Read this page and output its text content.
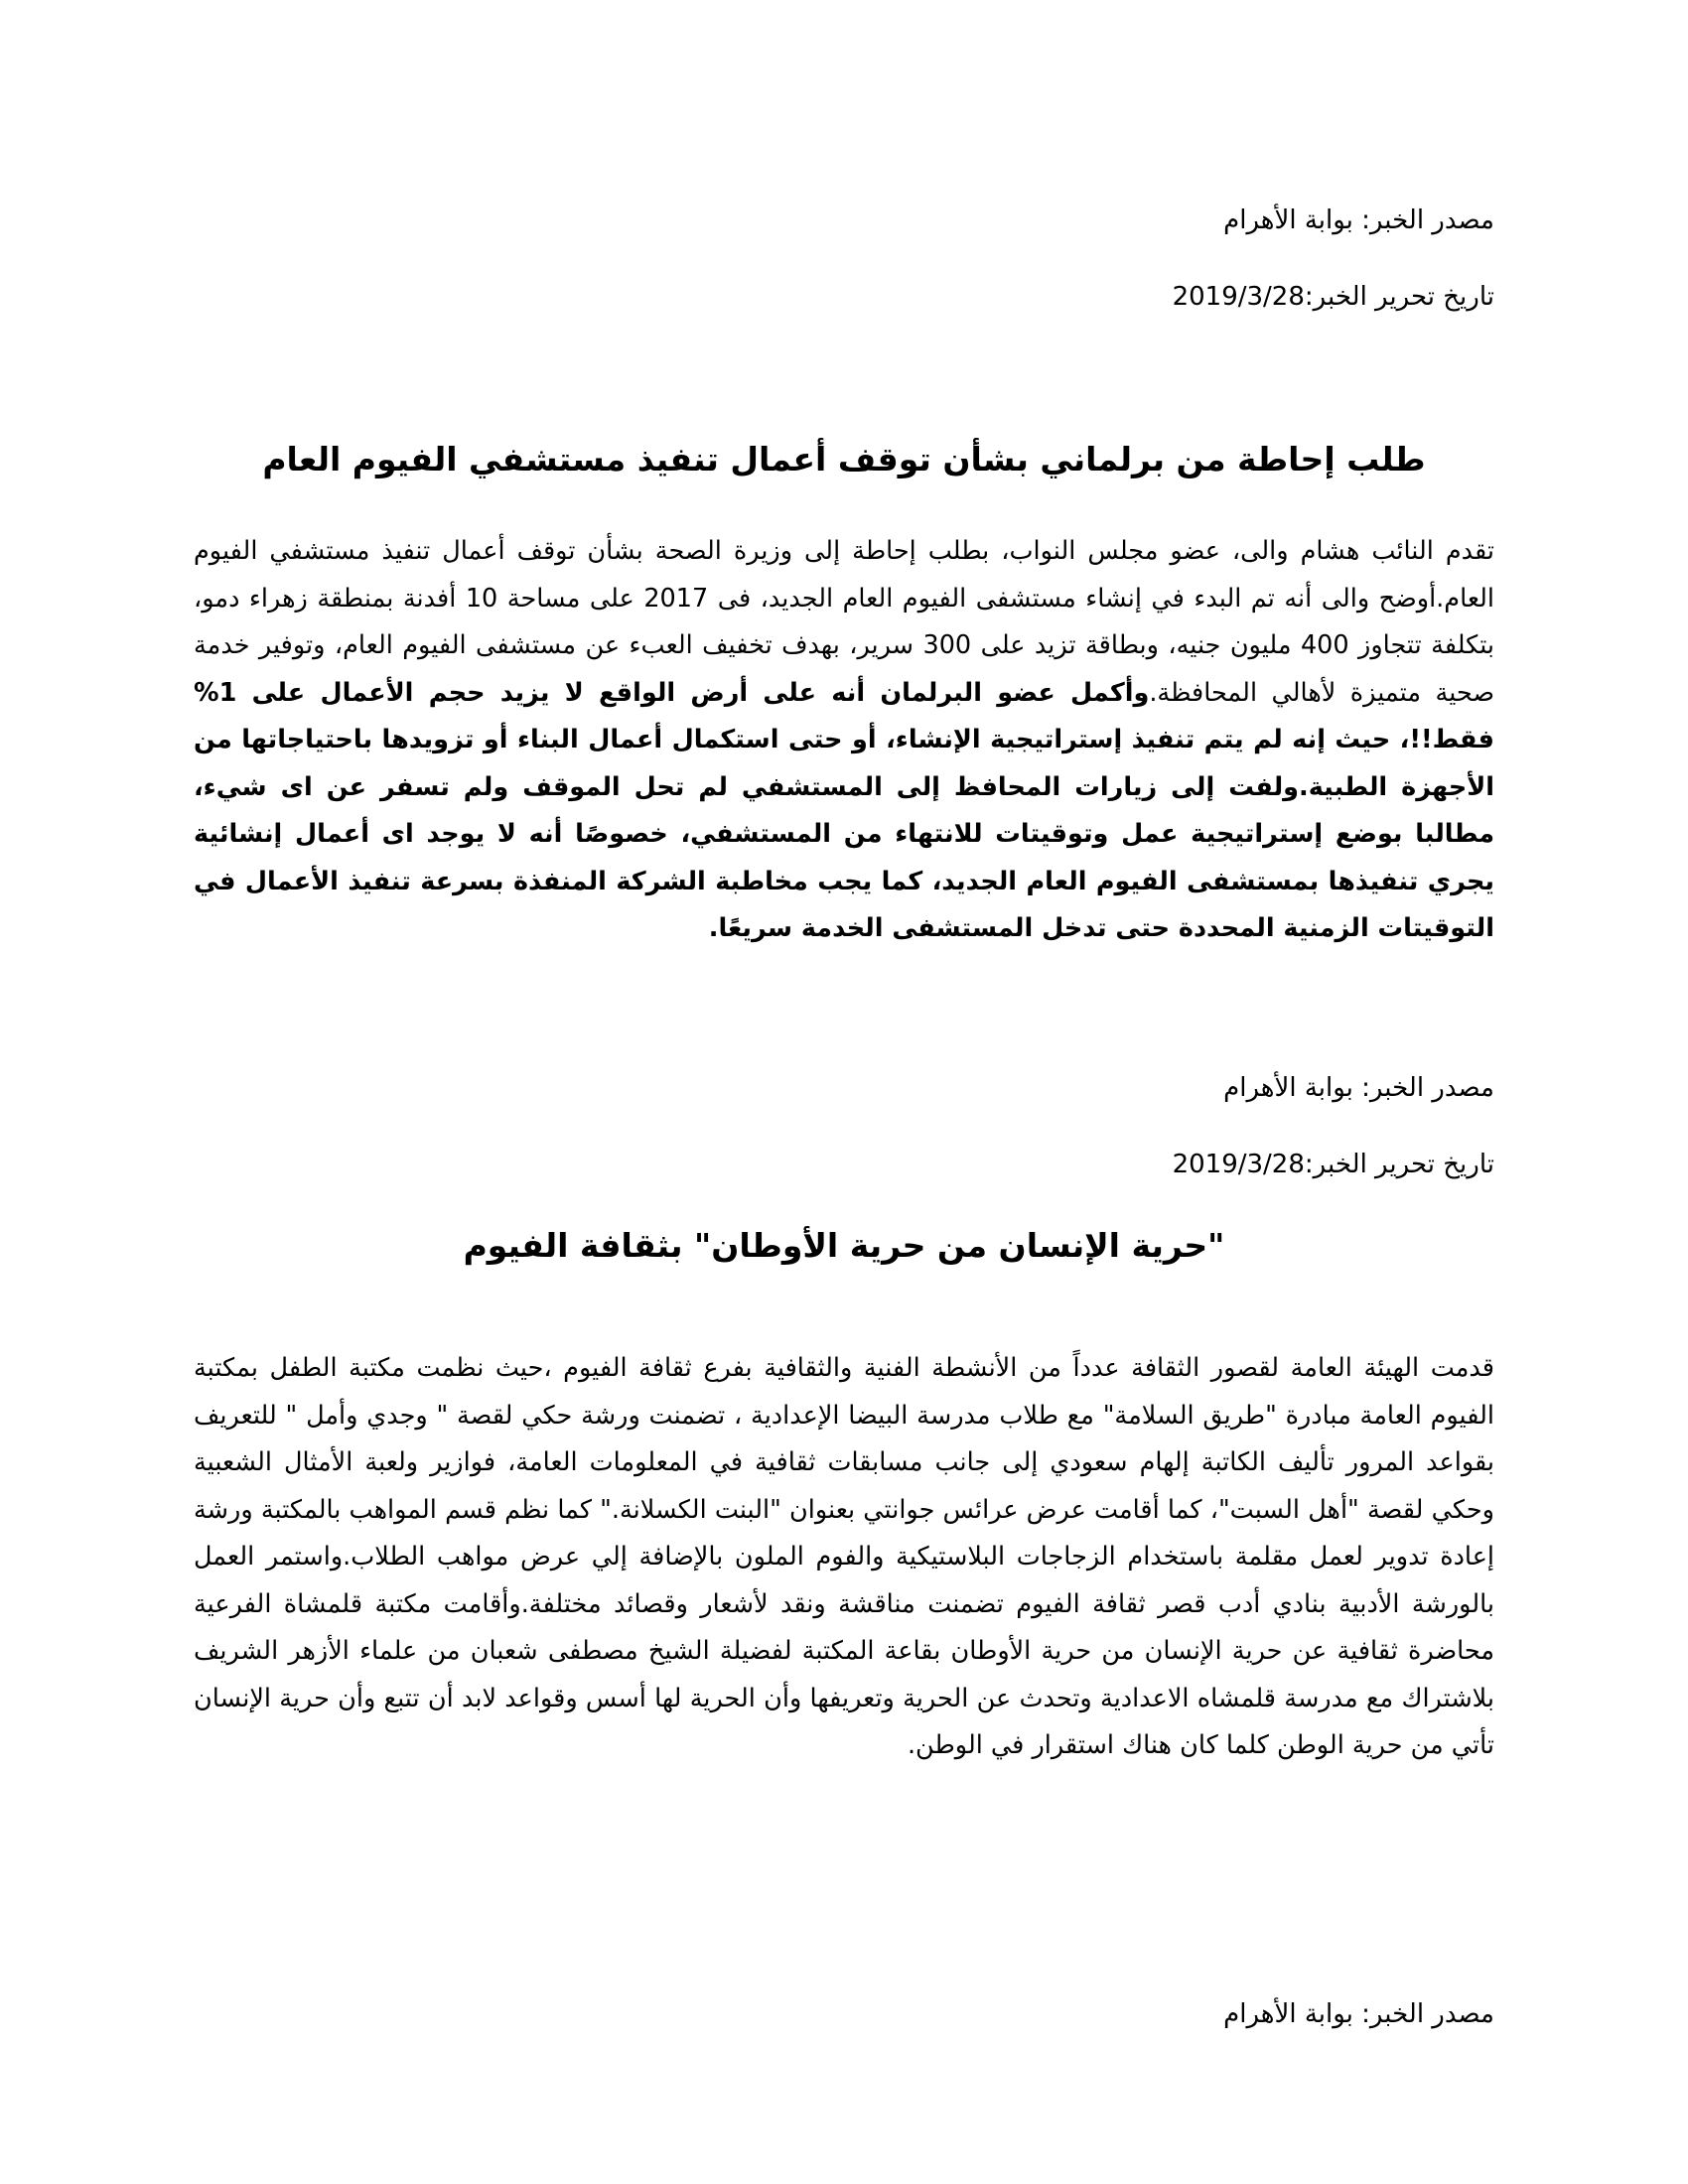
مصدر الخبر: بوابة الأهرام
تاريخ تحرير الخبر:2019/3/28
طلب إحاطة من برلماني بشأن توقف أعمال تنفيذ مستشفي الفيوم العام
تقدم النائب هشام والى، عضو مجلس النواب، بطلب إحاطة إلى وزيرة الصحة بشأن توقف أعمال تنفيذ مستشفي الفيوم العام.أوضح والى أنه تم البدء في إنشاء مستشفى الفيوم العام الجديد، فى 2017 على مساحة 10 أفدنة بمنطقة زهراء دمو، بتكلفة تتجاوز 400 مليون جنيه، وبطاقة تزيد على 300 سرير، بهدف تخفيف العبء عن مستشفى الفيوم العام، وتوفير خدمة صحية متميزة لأهالي المحافظة.وأكمل عضو البرلمان أنه على أرض الواقع لا يزيد حجم الأعمال على 1% فقط!!، حيث إنه لم يتم تنفيذ إستراتيجية الإنشاء، أو حتى استكمال أعمال البناء أو تزويدها باحتياجاتها من الأجهزة الطبية.ولفت إلى زيارات المحافظ إلى المستشفي لم تحل الموقف ولم تسفر عن اى شيء، مطالبا بوضع إستراتيجية عمل وتوقيتات للانتهاء من المستشفي، خصوصًا أنه لا يوجد اى أعمال إنشائية يجري تنفيذها بمستشفى الفيوم العام الجديد، كما يجب مخاطبة الشركة المنفذة بسرعة تنفيذ الأعمال في التوقيتات الزمنية المحددة حتى تدخل المستشفى الخدمة سريعًا.
مصدر الخبر: بوابة الأهرام
تاريخ تحرير الخبر:2019/3/28
"حرية الإنسان من حرية الأوطان" بثقافة الفيوم
قدمت الهيئة العامة لقصور الثقافة عدداً من الأنشطة الفنية والثقافية بفرع ثقافة الفيوم ،حيث نظمت مكتبة الطفل بمكتبة الفيوم العامة مبادرة "طريق السلامة" مع طلاب مدرسة البيضا الإعدادية ، تضمنت ورشة حكي لقصة " وجدي وأمل " للتعريف بقواعد المرور تأليف الكاتبة إلهام سعودي إلى جانب مسابقات ثقافية في المعلومات العامة، فوازير ولعبة الأمثال الشعبية وحكي لقصة "أهل السبت"، كما أقامت عرض عرائس جوانتي بعنوان "البنت الكسلانة." كما نظم قسم المواهب بالمكتبة ورشة إعادة تدوير لعمل مقلمة باستخدام الزجاجات البلاستيكية والفوم الملون بالإضافة إلي عرض مواهب الطلاب.واستمر العمل بالورشة الأدبية بنادي أدب قصر ثقافة الفيوم تضمنت مناقشة ونقد لأشعار وقصائد مختلفة.وأقامت مكتبة قلمشاة الفرعية محاضرة ثقافية عن حرية الإنسان من حرية الأوطان بقاعة المكتبة لفضيلة الشيخ مصطفى شعبان من علماء الأزهر الشريف بلاشتراك مع مدرسة قلمشاه الاعدادية وتحدث عن الحرية وتعريفها وأن الحرية لها أسس وقواعد لابد أن تتبع وأن حرية الإنسان تأتي من حرية الوطن كلما كان هناك استقرار في الوطن.
مصدر الخبر: بوابة الأهرام
